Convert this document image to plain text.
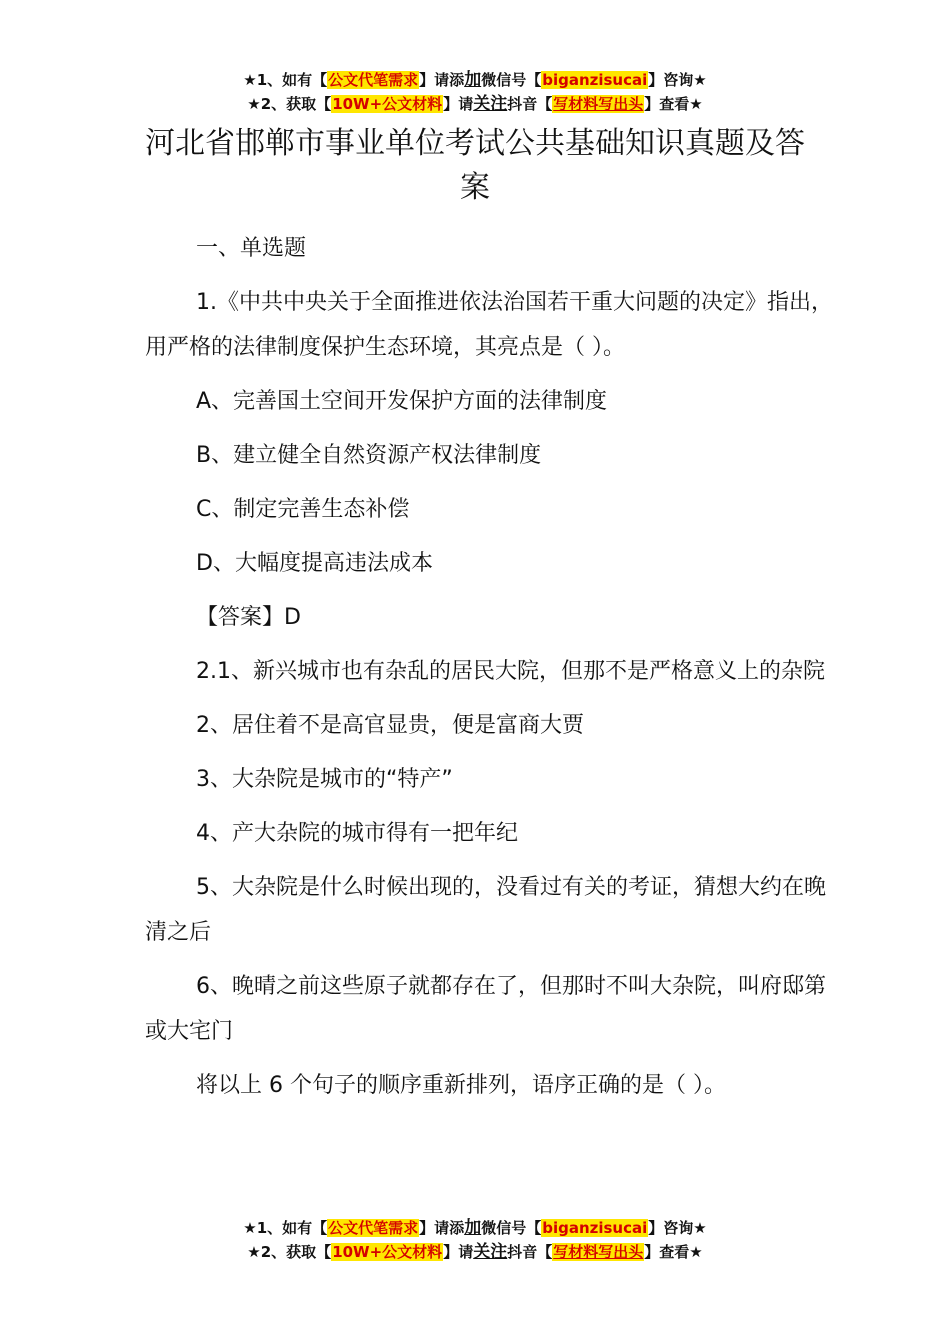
★1、如有【公文代笔需求】请添加微信号【biganzisucai】咨询★
★2、获取【10W+公文材料】请关注抖音【写材料写出头】查看★
河北省邯郸市事业单位考试公共基础知识真题及答案

一、单选题

1.《中共中央关于全面推进依法治国若干重大问题的决定》指出，用严格的法律制度保护生态环境，其亮点是（ ）。

A、完善国土空间开发保护方面的法律制度

B、建立健全自然资源产权法律制度

C、制定完善生态补偿

D、大幅度提高违法成本

【答案】D

2.1、新兴城市也有杂乱的居民大院，但那不是严格意义上的杂院

2、居住着不是高官显贵，便是富商大贾

3、大杂院是城市的“特产”

4、产大杂院的城市得有一把年纪

5、大杂院是什么时候出现的，没看过有关的考证，猜想大约在晚清之后

6、晚晴之前这些原子就都存在了，但那时不叫大杂院，叫府邸第或大宅门

将以上 6 个句子的顺序重新排列，语序正确的是（ ）。

★1、如有【公文代笔需求】请添加微信号【biganzisucai】咨询★
★2、获取【10W+公文材料】请关注抖音【写材料写出头】查看★
